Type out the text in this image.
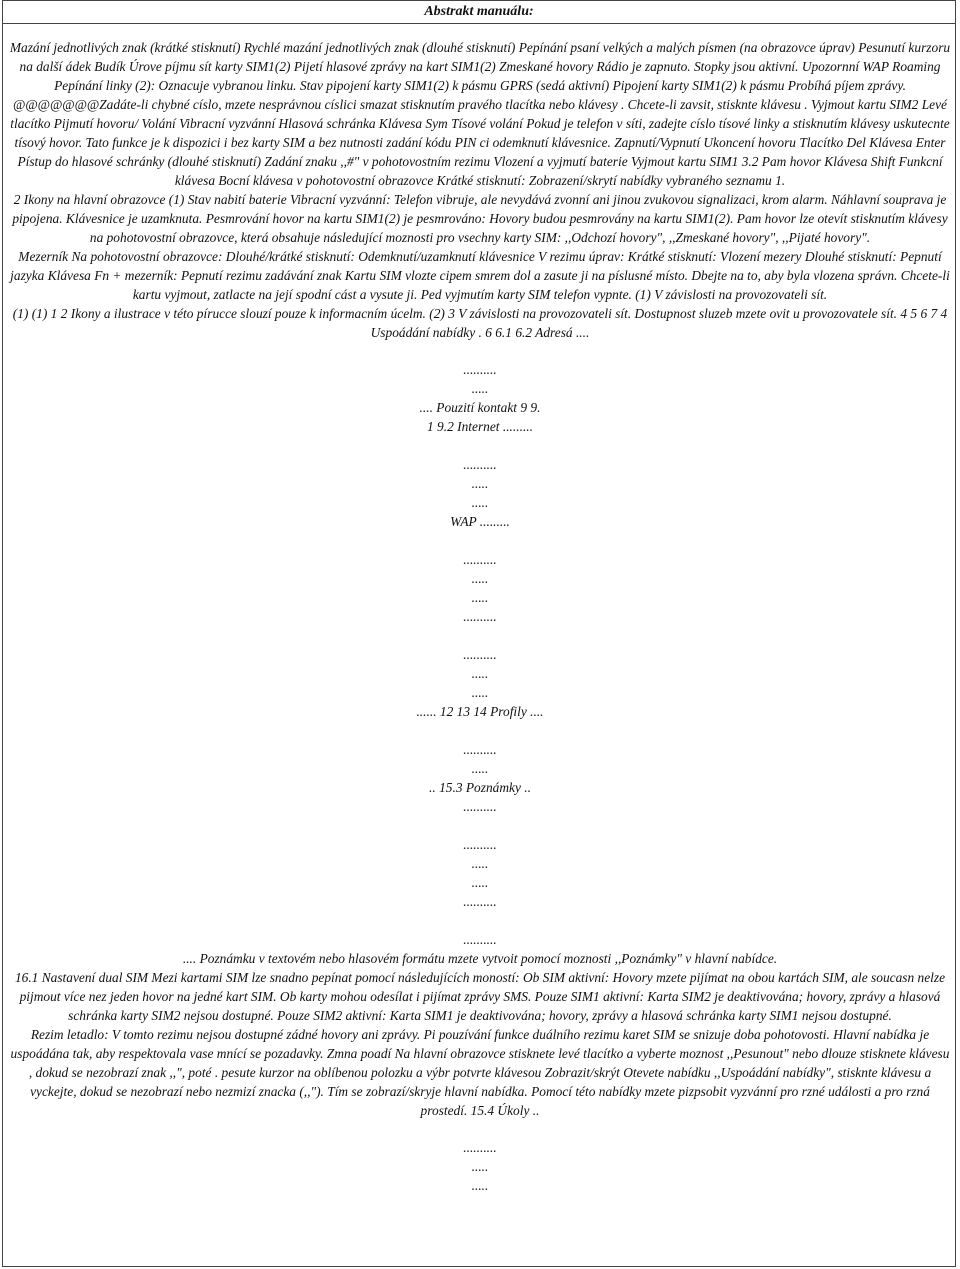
Abstrakt manuálu:

Mazání jednotlivých znak (krátké stisknutí) Rychlé mazání jednotlivých znak (dlouhé stisknutí) Pepínání psaní velkých a malých písmen (na obrazovce úprav) Pesunutí kurzoru na další ádek Budík Úrove píjmu sít karty SIM1(2) Pijetí hlasové zprávy na kart SIM1(2) Zmeskané hovory Rádio je zapnuto. Stopky jsou aktivní. Upozornní WAP Roaming Pepínání linky (2): Oznacuje vybranou linku. Stav pipojení karty SIM1(2) k pásmu GPRS (sedá aktivní) Pipojení karty SIM1(2) k pásmu Probíhá píjem zprávy. @@@@@@@Zadáte-li chybné císlo, mzete nesprávnou císlici smazat stisknutím pravého tlacítka nebo klávesy . Chcete-li zavsit, stisknte klávesu . Vyjmout kartu SIM2 Levé tlacítko Pijmutí hovoru/ Volání Vibracní vyzvánní Hlasová schránka Klávesa Sym Tísové volání Pokud je telefon v síti, zadejte císlo tísové linky a stisknutím klávesy uskutecnte tísový hovor. Tato funkce je k dispozici i bez karty SIM a bez nutnosti zadání kódu PIN ci odemknutí klávesnice. Zapnutí/Vypnutí Ukoncení hovoru Tlacítko Del Klávesa Enter Pístup do hlasové schránky (dlouhé stisknutí) Zadání znaku ,,#" v pohotovostním rezimu Vlození a vyjmutí baterie Vyjmout kartu SIM1 3.2 Pam hovor Klávesa Shift Funkcní klávesa Bocní klávesa v pohotovostní obrazovce Krátké stisknutí: Zobrazení/skrytí nabídky vybraného seznamu 1.

2 Ikony na hlavní obrazovce (1) Stav nabití baterie Vibracní vyzvánní: Telefon vibruje, ale nevydává zvonní ani jinou zvukovou signalizaci, krom alarm. Náhlavní souprava je pipojena. Klávesnice je uzamknuta. Pesmrování hovor na kartu SIM1(2) je pesmrováno: Hovory budou pesmrovány na kartu SIM1(2). Pam hovor lze otevít stisknutím klávesy na pohotovostní obrazovce, která obsahuje následující moznosti pro vsechny karty SIM: ,,Odchozí hovory", ,,Zmeskané hovory", ,,Pijaté hovory".

Mezerník Na pohotovostní obrazovce: Dlouhé/krátké stisknutí: Odemknutí/uzamknutí klávesnice V rezimu úprav: Krátké stisknutí: Vlození mezery Dlouhé stisknutí: Pepnutí jazyka Klávesa Fn + mezerník: Pepnutí rezimu zadávání znak Kartu SIM vlozte cipem smrem dol a zasute ji na píslusné místo. Dbejte na to, aby byla vlozena správn. Chcete-li kartu vyjmout, zatlacte na její spodní cást a vysute ji. Ped vyjmutím karty SIM telefon vypnte. (1) V závislosti na provozovateli sít.

(1) (1) 1 2 Ikony a ilustrace v této pírucce slouzí pouze k informacním úcelm. (2) 3 V závislosti na provozovateli sít. Dostupnost sluzeb mzete ovit u provozovatele sít. 4 5 6 7 4 Uspoádání nabídky . 6 6.1 6.2 Adresá ....

..........

.....

.... Pouzití kontakt 9 9.

1 9.2 Internet .........

..........

.....

.....

WAP .........

..........

.....

.....

..........

..........

.....

.....

...... 12 13 14 Profily ....

..........

.....

.. 15.3 Poznámky ..

..........

..........

.....

.....

..........

..........

.... Poznámku v textovém nebo hlasovém formátu mzete vytvoit pomocí moznosti ,,Poznámky" v hlavní nabídce.

16.1 Nastavení dual SIM Mezi kartami SIM lze snadno pepínat pomocí následujících moností: Ob SIM aktivní: Hovory mzete pijímat na obou kartách SIM, ale soucasn nelze pijmout více nez jeden hovor na jedné kart SIM. Ob karty mohou odesílat i pijímat zprávy SMS. Pouze SIM1 aktivní: Karta SIM2 je deaktivována; hovory, zprávy a hlasová schránka karty SIM2 nejsou dostupné. Pouze SIM2 aktivní: Karta SIM1 je deaktivována; hovory, zprávy a hlasová schránka karty SIM1 nejsou dostupné.

Rezim letadlo: V tomto rezimu nejsou dostupné zádné hovory ani zprávy. Pi pouzívání funkce duálního rezimu karet SIM se snizuje doba pohotovosti. Hlavní nabídka je uspoádána tak, aby respektovala vase mnící se pozadavky. Zmna poadí Na hlavní obrazovce stisknete levé tlacítko a vyberte moznost ,,Pesunout" nebo dlouze stisknete klávesu , dokud se nezobrazí znak ,,", poté . pesute kurzor na oblíbenou polozku a výbr potvrte klávesou Zobrazit/skrýt Otevete nabídku ,,Uspoádání nabídky", stisknte klávesu a vyckejte, dokud se nezobrazí nebo nezmizí znacka (,,"). Tím se zobrazí/skryje hlavní nabídka. Pomocí této nabídky mzete pizpsobit vyzvánní pro rzné události a pro rzná prostedí. 15.4 Úkoly ..

..........

.....

.....
